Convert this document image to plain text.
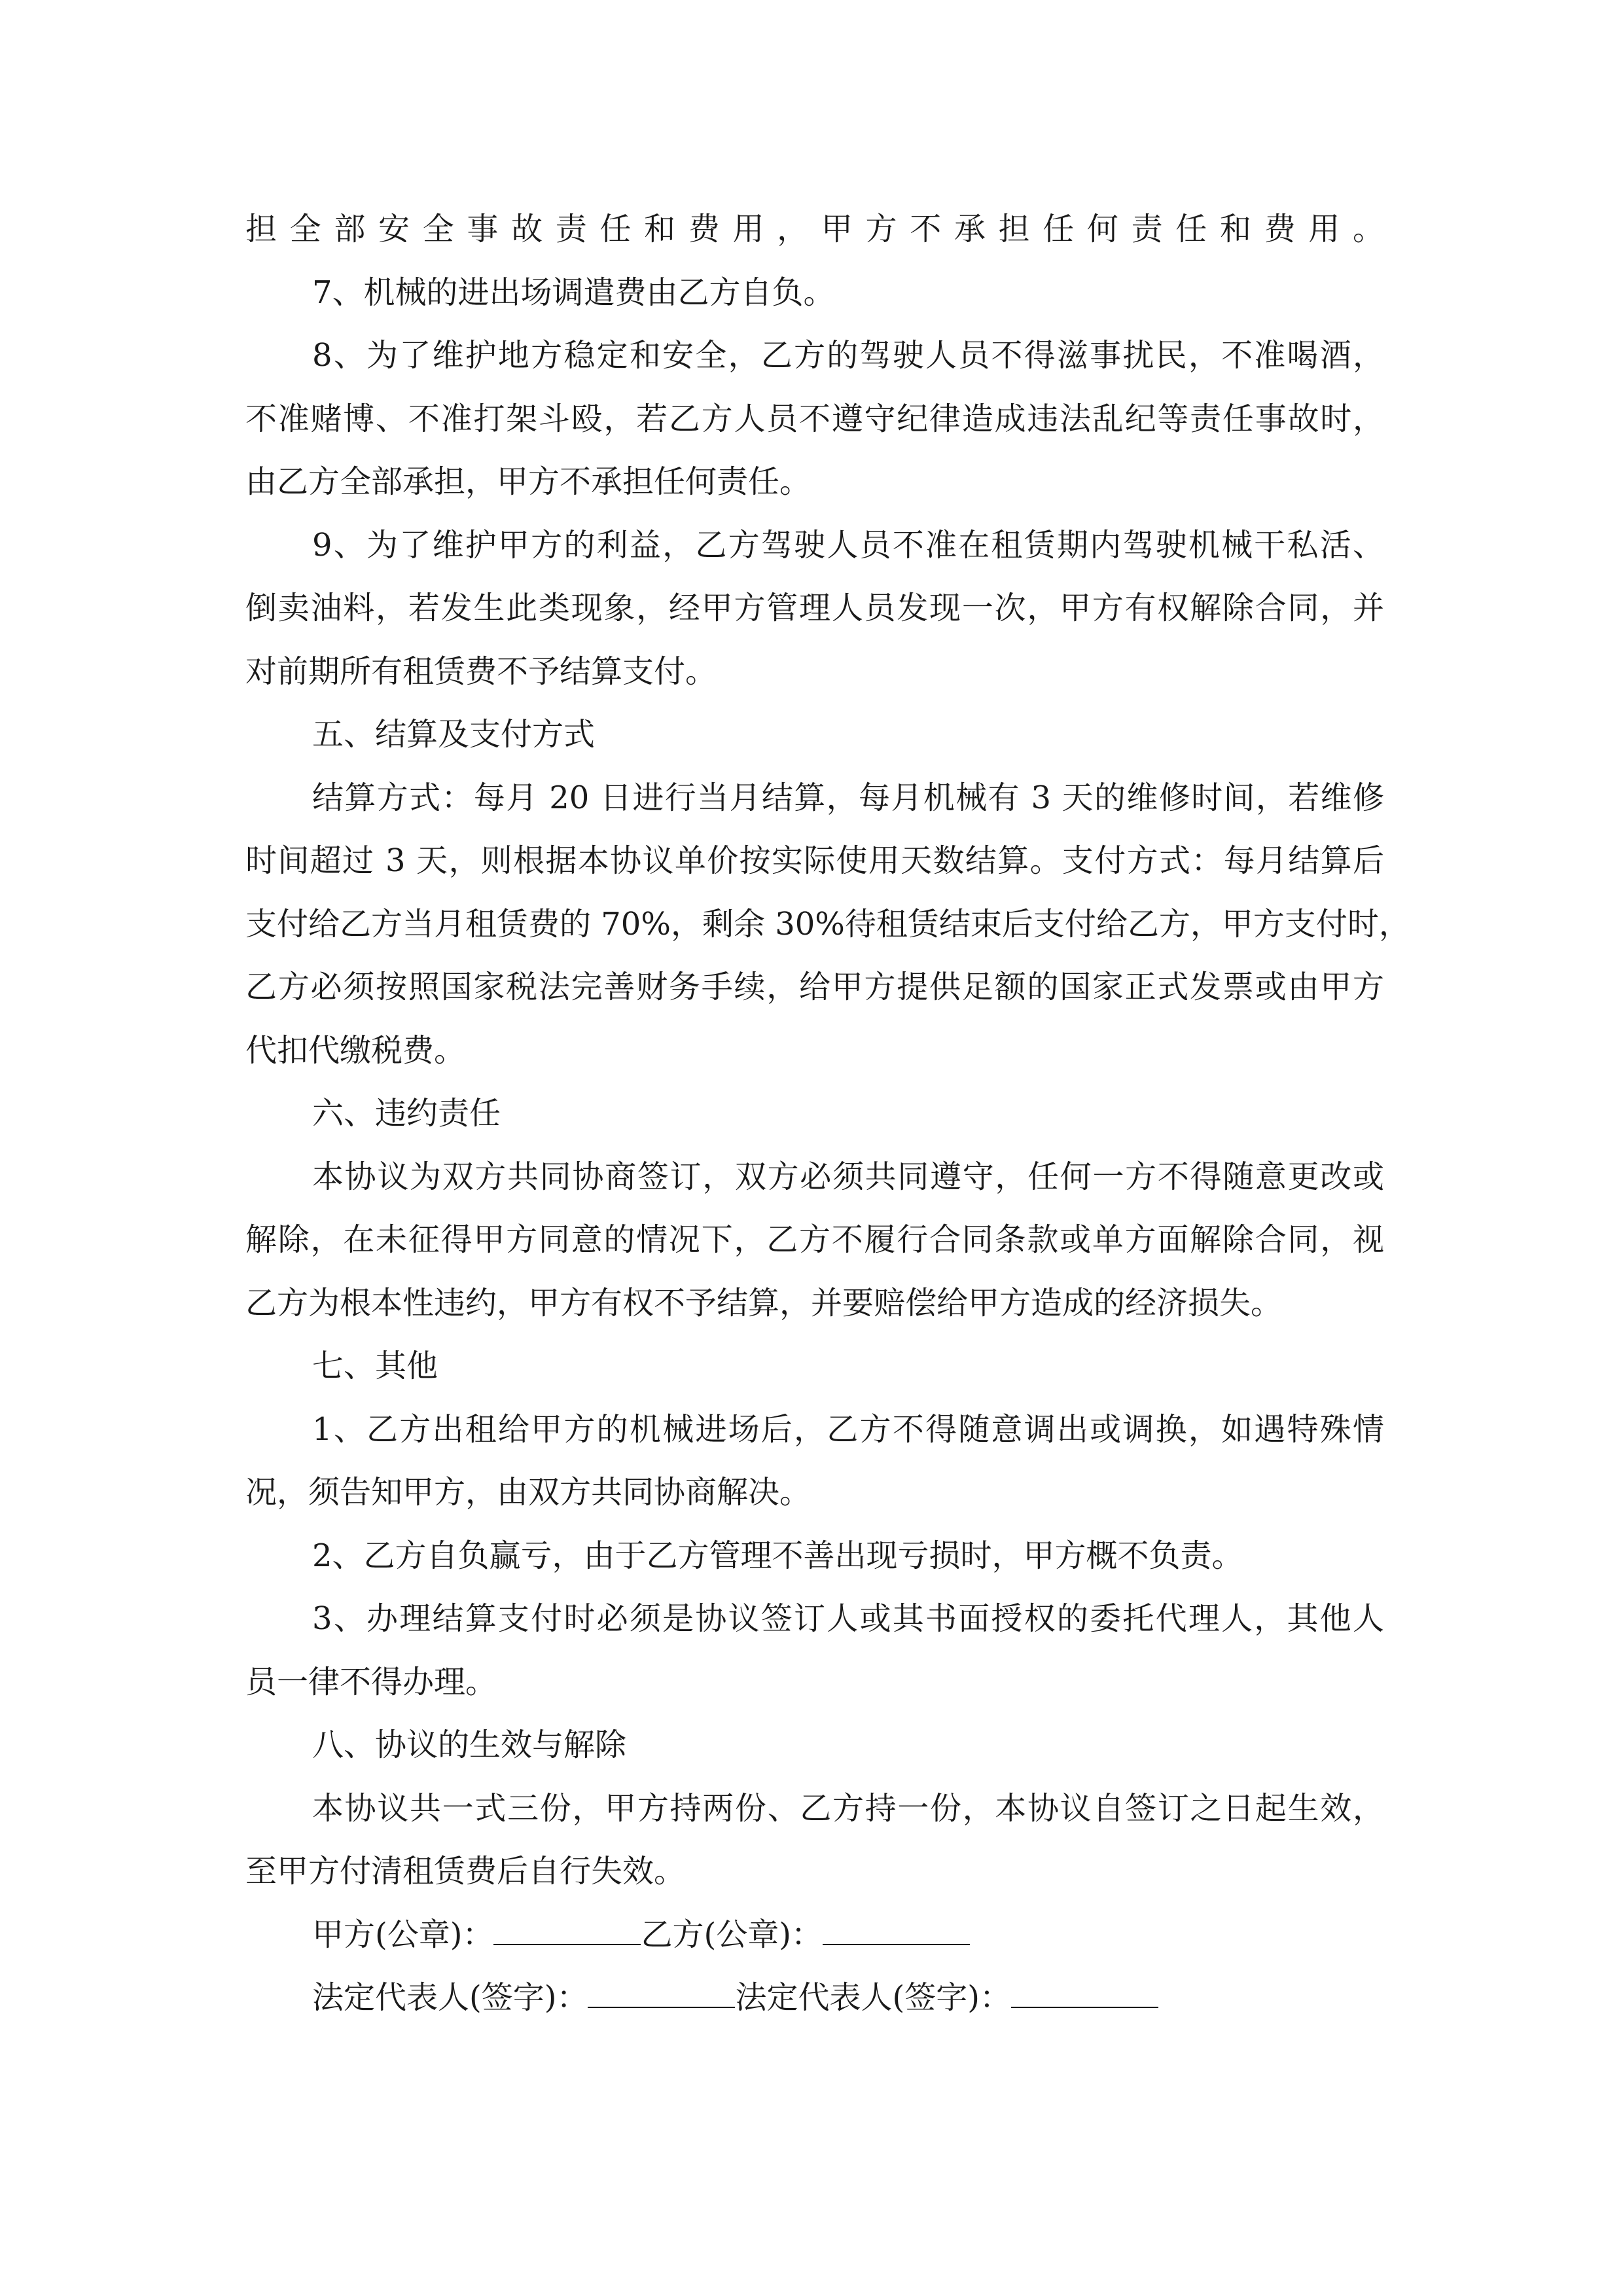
担全部安全事故责任和费用，甲方不承担任何责任和费用。
7、机械的进出场调遣费由乙方自负。
8、为了维护地方稳定和安全，乙方的驾驶人员不得滋事扰民，不准喝酒，
不准赌博、不准打架斗殴，若乙方人员不遵守纪律造成违法乱纪等责任事故时，
由乙方全部承担，甲方不承担任何责任。
9、为了维护甲方的利益，乙方驾驶人员不准在租赁期内驾驶机械干私活、
倒卖油料，若发生此类现象，经甲方管理人员发现一次，甲方有权解除合同，并
对前期所有租赁费不予结算支付。
五、结算及支付方式
结算方式：每月 20 日进行当月结算，每月机械有 3 天的维修时间，若维修
时间超过 3 天，则根据本协议单价按实际使用天数结算。支付方式：每月结算后
支付给乙方当月租赁费的 70%，剩余 30%待租赁结束后支付给乙方，甲方支付时，
乙方必须按照国家税法完善财务手续，给甲方提供足额的国家正式发票或由甲方
代扣代缴税费。
六、违约责任
本协议为双方共同协商签订，双方必须共同遵守，任何一方不得随意更改或
解除，在未征得甲方同意的情况下，乙方不履行合同条款或单方面解除合同，视
乙方为根本性违约，甲方有权不予结算，并要赔偿给甲方造成的经济损失。
七、其他
1、乙方出租给甲方的机械进场后，乙方不得随意调出或调换，如遇特殊情
况，须告知甲方，由双方共同协商解决。
2、乙方自负赢亏，由于乙方管理不善出现亏损时，甲方概不负责。
3、办理结算支付时必须是协议签订人或其书面授权的委托代理人，其他人
员一律不得办理。
八、协议的生效与解除
本协议共一式三份，甲方持两份、乙方持一份，本协议自签订之日起生效，
至甲方付清租赁费后自行失效。
甲方(公章)：	乙方(公章)：
法定代表人(签字)：	法定代表人(签字)：
